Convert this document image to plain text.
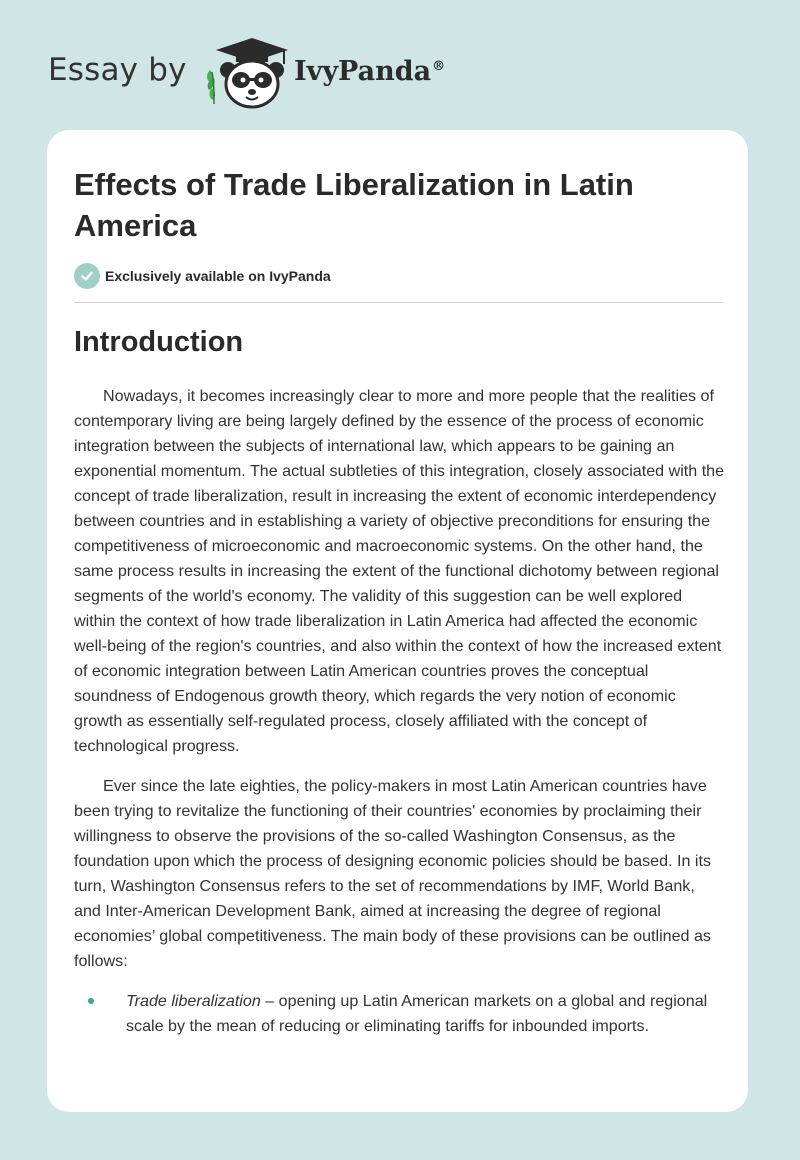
Essay by	IvyPanda®
Effects of Trade Liberalization in Latin America
Exclusively available on IvyPanda
Introduction

Nowadays, it becomes increasingly clear to more and more people that the realities of contemporary living are being largely defined by the essence of the process of economic integration between the subjects of international law, which appears to be gaining an exponential momentum. The actual subtleties of this integration, closely associated with the concept of trade liberalization, result in increasing the extent of economic interdependency between countries and in establishing a variety of objective preconditions for ensuring the competitiveness of microeconomic and macroeconomic systems. On the other hand, the same process results in increasing the extent of the functional dichotomy between regional segments of the world's economy. The validity of this suggestion can be well explored within the context of how trade liberalization in Latin America had affected the economic well-being of the region's countries, and also within the context of how the increased extent of economic integration between Latin American countries proves the conceptual soundness of Endogenous growth theory, which regards the very notion of economic growth as essentially self-regulated process, closely affiliated with the concept of technological progress.

Ever since the late eighties, the policy-makers in most Latin American countries have been trying to revitalize the functioning of their countries' economies by proclaiming their willingness to observe the provisions of the so-called Washington Consensus, as the foundation upon which the process of designing economic policies should be based. In its turn, Washington Consensus refers to the set of recommendations by IMF, World Bank, and Inter-American Development Bank, aimed at increasing the degree of regional economies’ global competitiveness. The main body of these provisions can be outlined as follows:

Trade liberalization – opening up Latin American markets on a global and regional scale by the mean of reducing or eliminating tariffs for inbounded imports.
